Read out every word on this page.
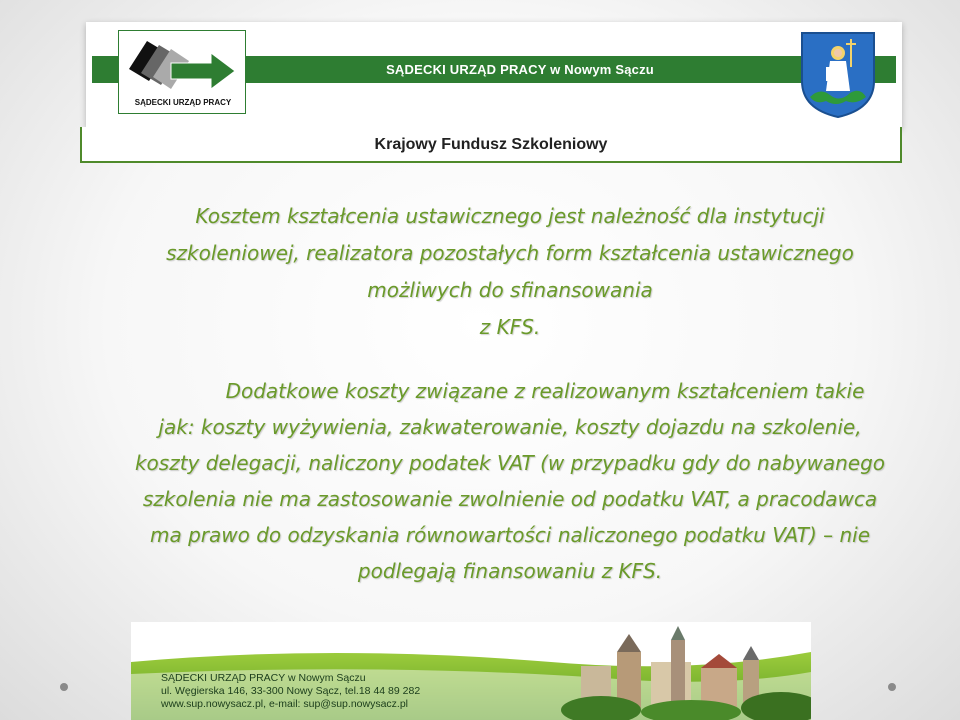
SĄDECKI URZĄD PRACY w Nowym Sączu
SĄDECKI URZĄD PRACY
Krajowy Fundusz Szkoleniowy

Kosztem kształcenia ustawicznego jest należność dla instytucji
szkoleniowej, realizatora pozostałych form kształcenia ustawicznego
możliwych do sfinansowania
z KFS.

Dodatkowe koszty związane z realizowanym kształceniem takie
jak: koszty wyżywienia, zakwaterowanie, koszty dojazdu na szkolenie,
koszty delegacji, naliczony podatek VAT (w przypadku gdy do nabywanego
szkolenia nie ma zastosowanie zwolnienie od podatku VAT, a pracodawca
ma prawo do odzyskania równowartości naliczonego podatku VAT) – nie
podlegają finansowaniu z KFS.

SĄDECKI URZĄD PRACY w Nowym Sączu
ul. Węgierska 146, 33-300 Nowy Sącz, tel.18 44 89 282
www.sup.nowysacz.pl, e-mail: sup@sup.nowysacz.pl
